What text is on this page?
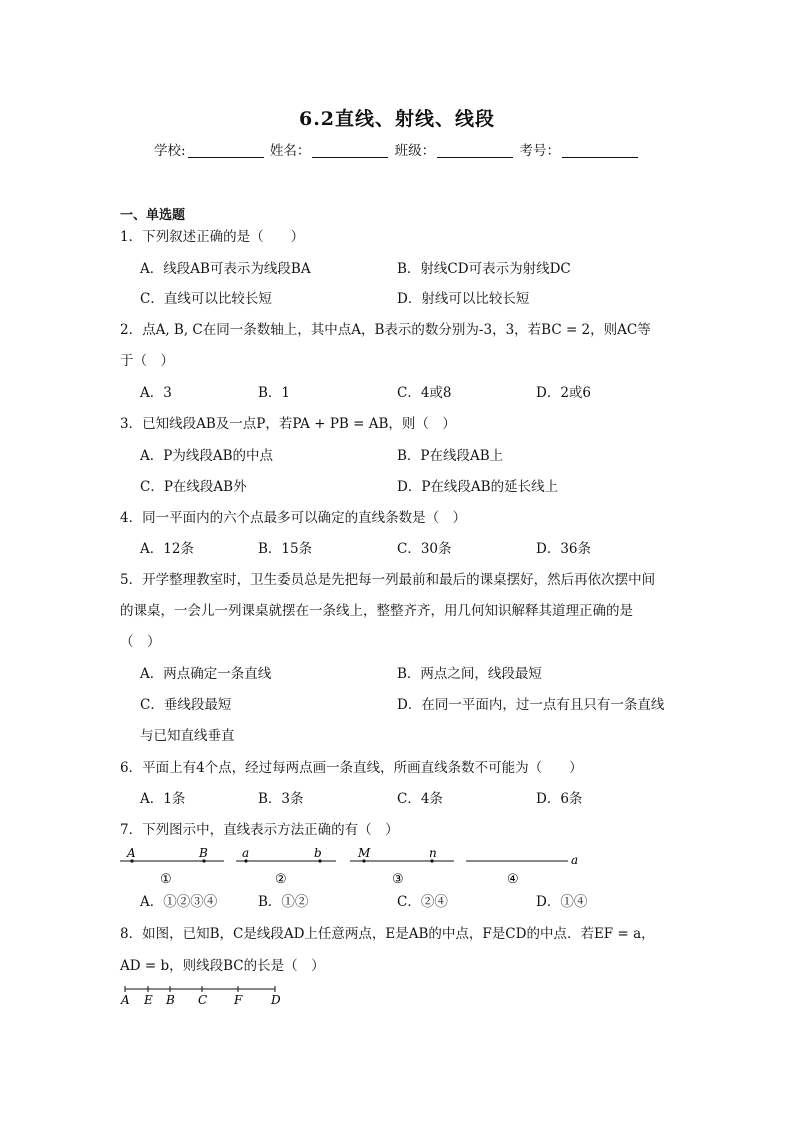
6.2直线、射线、线段
学校:	姓名：	班级：	考号：
一、单选题
1．下列叙述正确的是（　　）
A．线段AB可表示为线段BA	B．射线CD可表示为射线DC
C．直线可以比较长短	D．射线可以比较长短
2．点A, B, C在同一条数轴上，其中点A，B表示的数分别为-3，3，若BC = 2，则AC等
于（　）
A．3	B．1	C．4或8	D．2或6
3．已知线段AB及一点P，若PA + PB = AB，则（　）
A．P为线段AB的中点	B．P在线段AB上
C．P在线段AB外	D．P在线段AB的延长线上
4．同一平面内的六个点最多可以确定的直线条数是（　）
A．12条	B．15条	C．30条	D．36条
5．开学整理教室时，卫生委员总是先把每一列最前和最后的课桌摆好，然后再依次摆中间
的课桌，一会儿一列课桌就摆在一条线上，整整齐齐，用几何知识解释其道理正确的是
（　）
A．两点确定一条直线	B．两点之间，线段最短
C．垂线段最短	D．在同一平面内，过一点有且只有一条直线
与已知直线垂直
6．平面上有4个点，经过每两点画一条直线，所画直线条数不可能为（　　）
A．1条	B．3条	C．4条	D．6条
7．下列图示中，直线表示方法正确的有（　）
A	B
①
a	b
②
M	n
③
a
④
A．①②③④	B．①②	C．②④	D．①④
8．如图，已知B，C是线段AD上任意两点，E是AB的中点，F是CD的中点．若EF = a，
AD = b，则线段BC的长是（　）
A E B C F D
